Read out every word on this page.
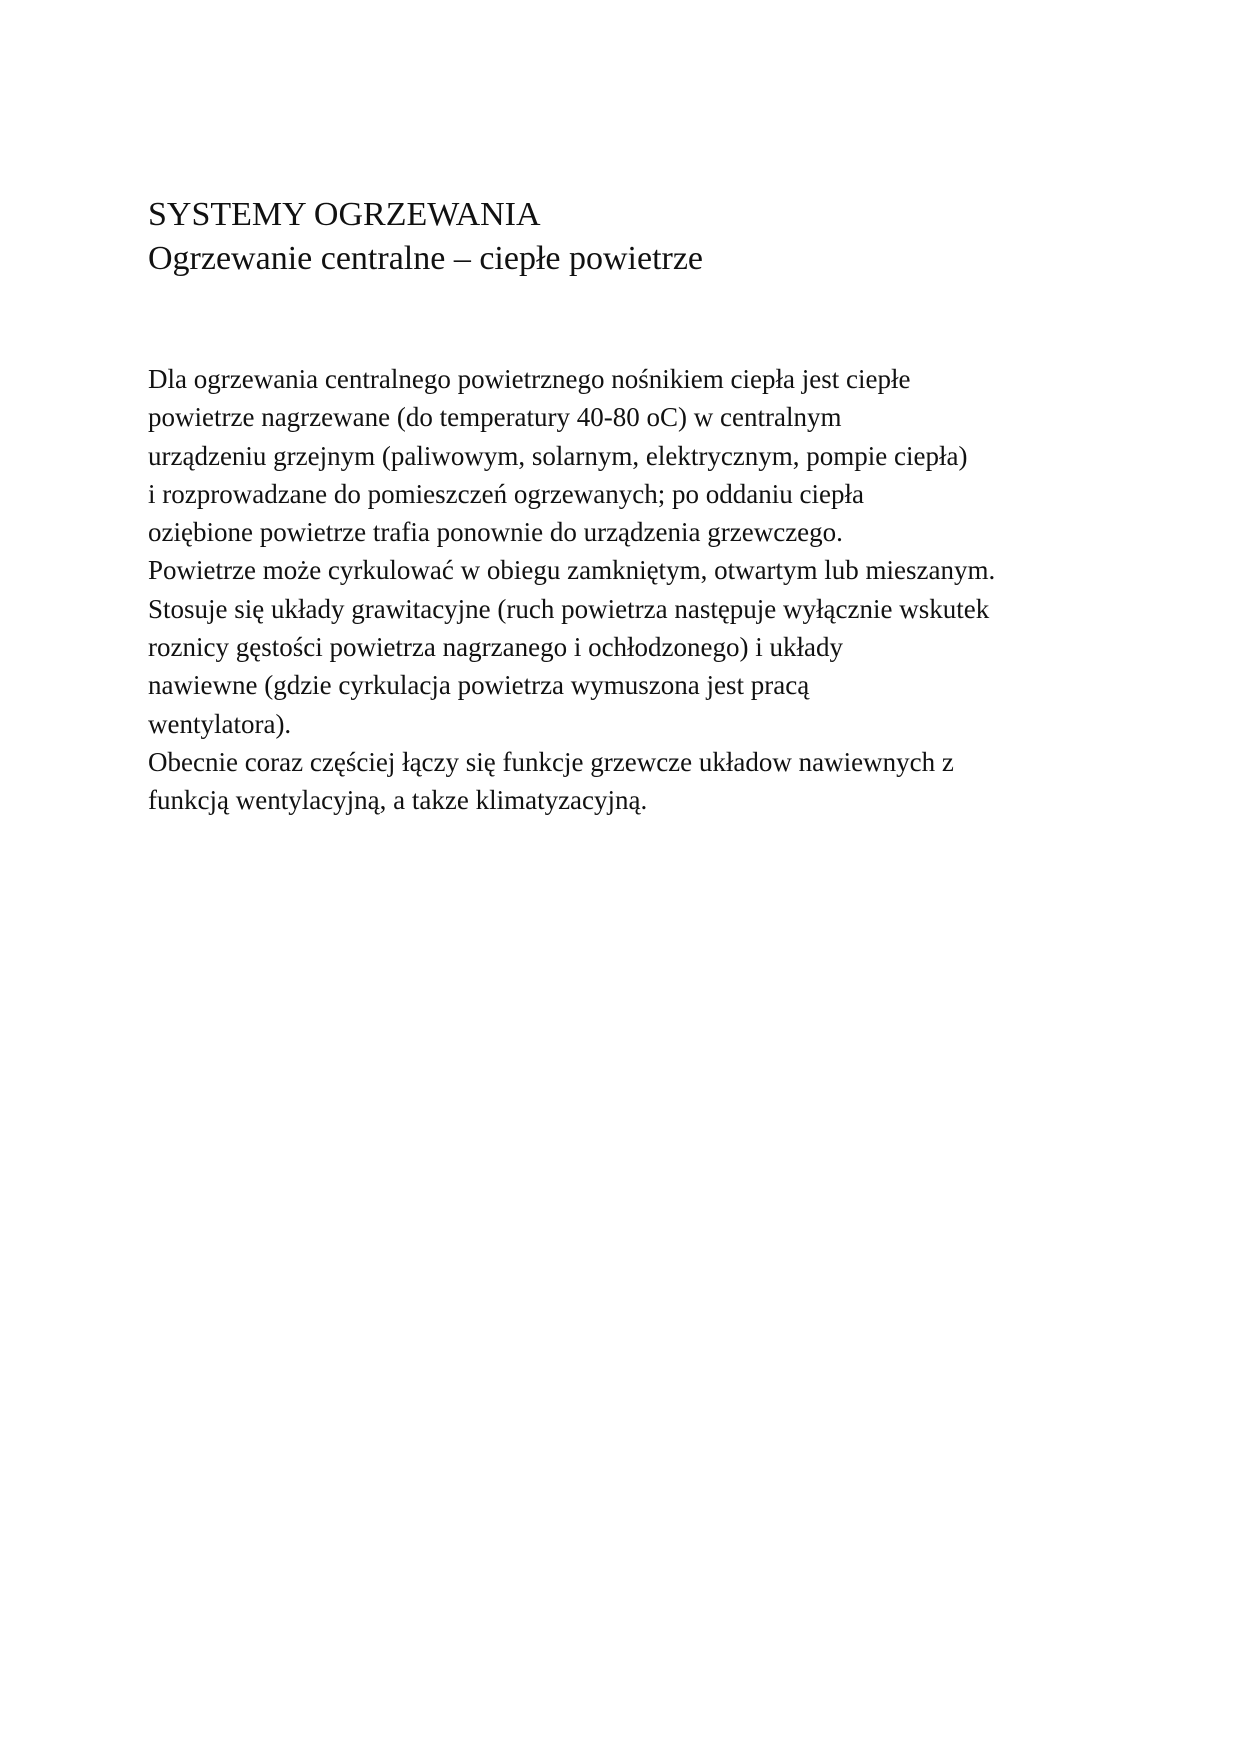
SYSTEMY OGRZEWANIA
Ogrzewanie centralne – ciepłe powietrze
Dla ogrzewania centralnego powietrznego nośnikiem ciepła jest ciepłe
powietrze nagrzewane (do temperatury 40-80 oC) w centralnym
urządzeniu grzejnym (paliwowym, solarnym, elektrycznym, pompie ciepła)
i rozprowadzane do pomieszczeń ogrzewanych; po oddaniu ciepła
oziębione powietrze trafia ponownie do urządzenia grzewczego.
Powietrze może cyrkulować w obiegu zamkniętym, otwartym lub mieszanym.
Stosuje się układy grawitacyjne (ruch powietrza następuje wyłącznie wskutek
roznicy gęstości powietrza nagrzanego i ochłodzonego) i układy
nawiewne (gdzie cyrkulacja powietrza wymuszona jest pracą
wentylatora).
Obecnie coraz częściej łączy się funkcje grzewcze układow nawiewnych z
funkcją wentylacyjną, a takze klimatyzacyjną.
